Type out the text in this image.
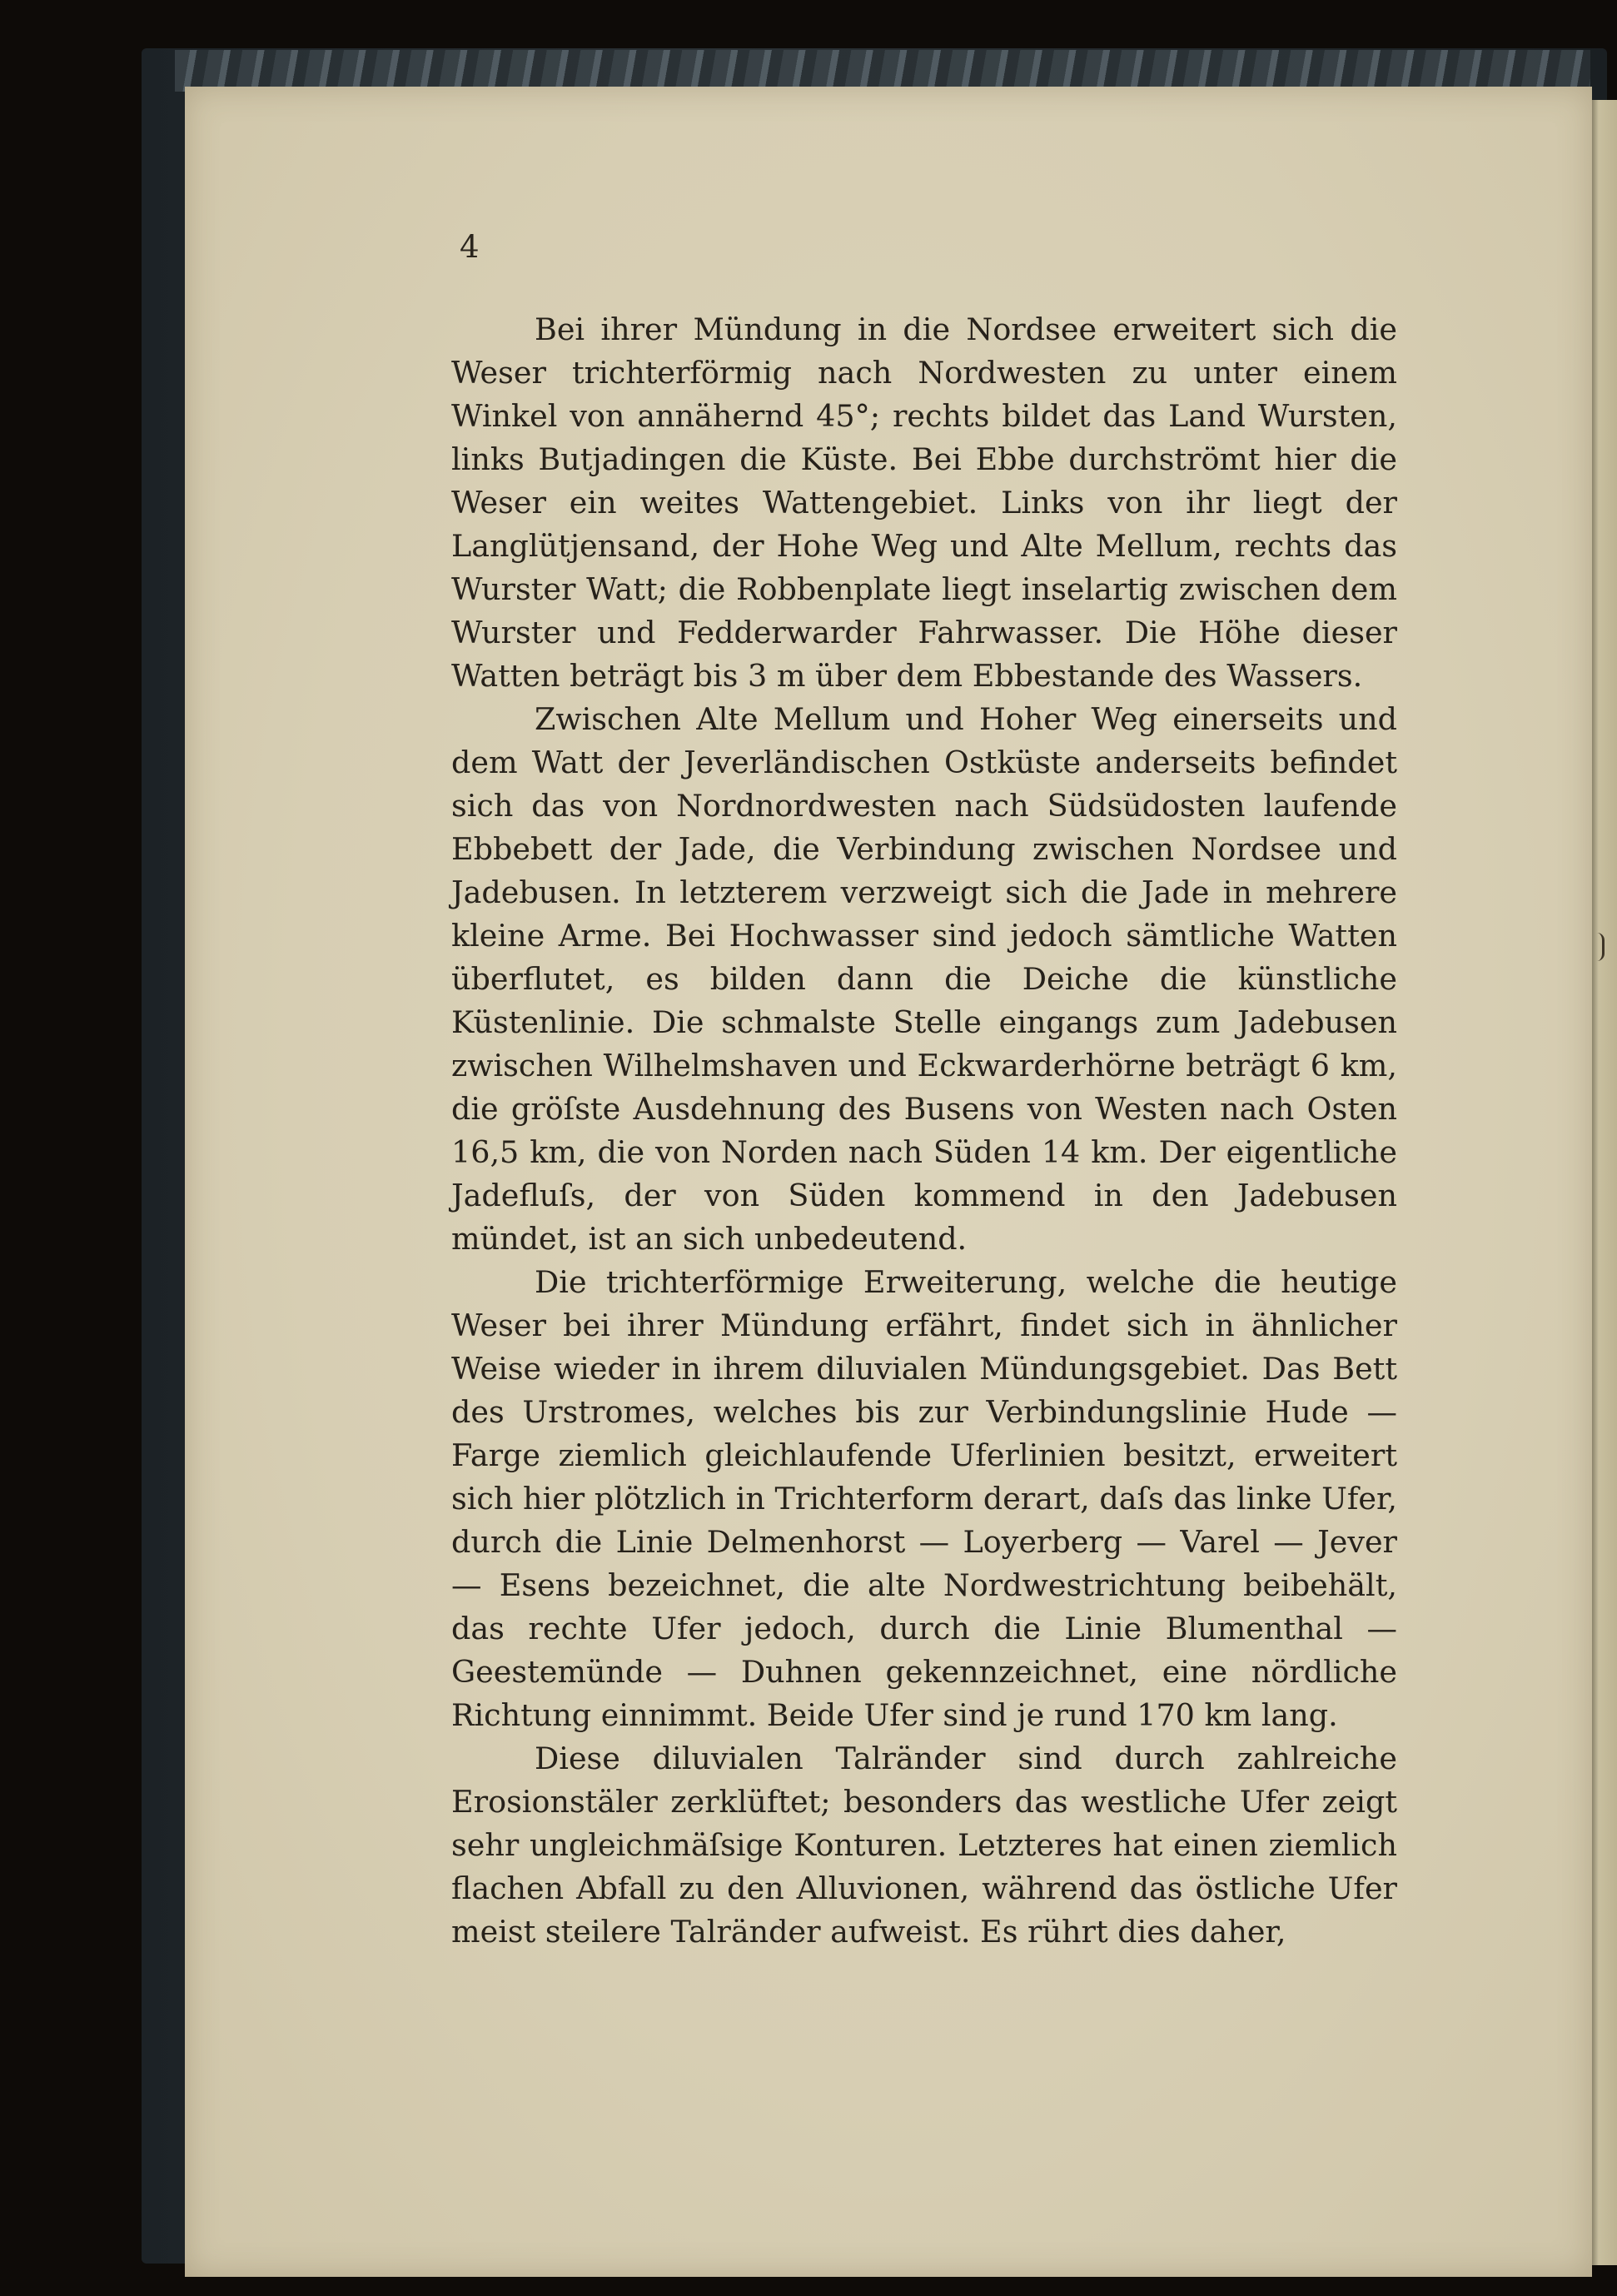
4

Bei ihrer Mündung in die Nordsee erweitert sich die Weser trichterförmig nach Nordwesten zu unter einem Winkel von annähernd 45°; rechts bildet das Land Wursten, links Butjadingen die Küste. Bei Ebbe durchströmt hier die Weser ein weites Wattengebiet. Links von ihr liegt der Langlütjensand, der Hohe Weg und Alte Mellum, rechts das Wurster Watt; die Robbenplate liegt inselartig zwischen dem Wurster und Fedderwarder Fahrwasser. Die Höhe dieser Watten beträgt bis 3 m über dem Ebbestande des Wassers.

Zwischen Alte Mellum und Hoher Weg einerseits und dem Watt der Jeverländischen Ostküste anderseits befindet sich das von Nordnordwesten nach Südsüdosten laufende Ebbebett der Jade, die Verbindung zwischen Nordsee und Jadebusen. In letzterem verzweigt sich die Jade in mehrere kleine Arme. Bei Hochwasser sind jedoch sämtliche Watten überflutet, es bilden dann die Deiche die künstliche Küstenlinie. Die schmalste Stelle eingangs zum Jadebusen zwischen Wilhelmshaven und Eckwarderhörne beträgt 6 km, die gröſste Ausdehnung des Busens von Westen nach Osten 16,5 km, die von Norden nach Süden 14 km. Der eigentliche Jadefluſs, der von Süden kommend in den Jadebusen mündet, ist an sich unbedeutend.

Die trichterförmige Erweiterung, welche die heutige Weser bei ihrer Mündung erfährt, findet sich in ähnlicher Weise wieder in ihrem diluvialen Mündungsgebiet. Das Bett des Urstromes, welches bis zur Verbindungslinie Hude — Farge ziemlich gleichlaufende Uferlinien besitzt, erweitert sich hier plötzlich in Trichterform derart, daſs das linke Ufer, durch die Linie Delmenhorst — Loyerberg — Varel — Jever — Esens bezeichnet, die alte Nordwestrichtung beibehält, das rechte Ufer jedoch, durch die Linie Blumenthal — Geestemünde — Duhnen gekennzeichnet, eine nördliche Richtung einnimmt. Beide Ufer sind je rund 170 km lang.

Diese diluvialen Talränder sind durch zahlreiche Erosionstäler zerklüftet; besonders das westliche Ufer zeigt sehr ungleichmäſsige Konturen. Letzteres hat einen ziemlich flachen Abfall zu den Alluvionen, während das östliche Ufer meist steilere Talränder aufweist. Es rührt dies daher,
